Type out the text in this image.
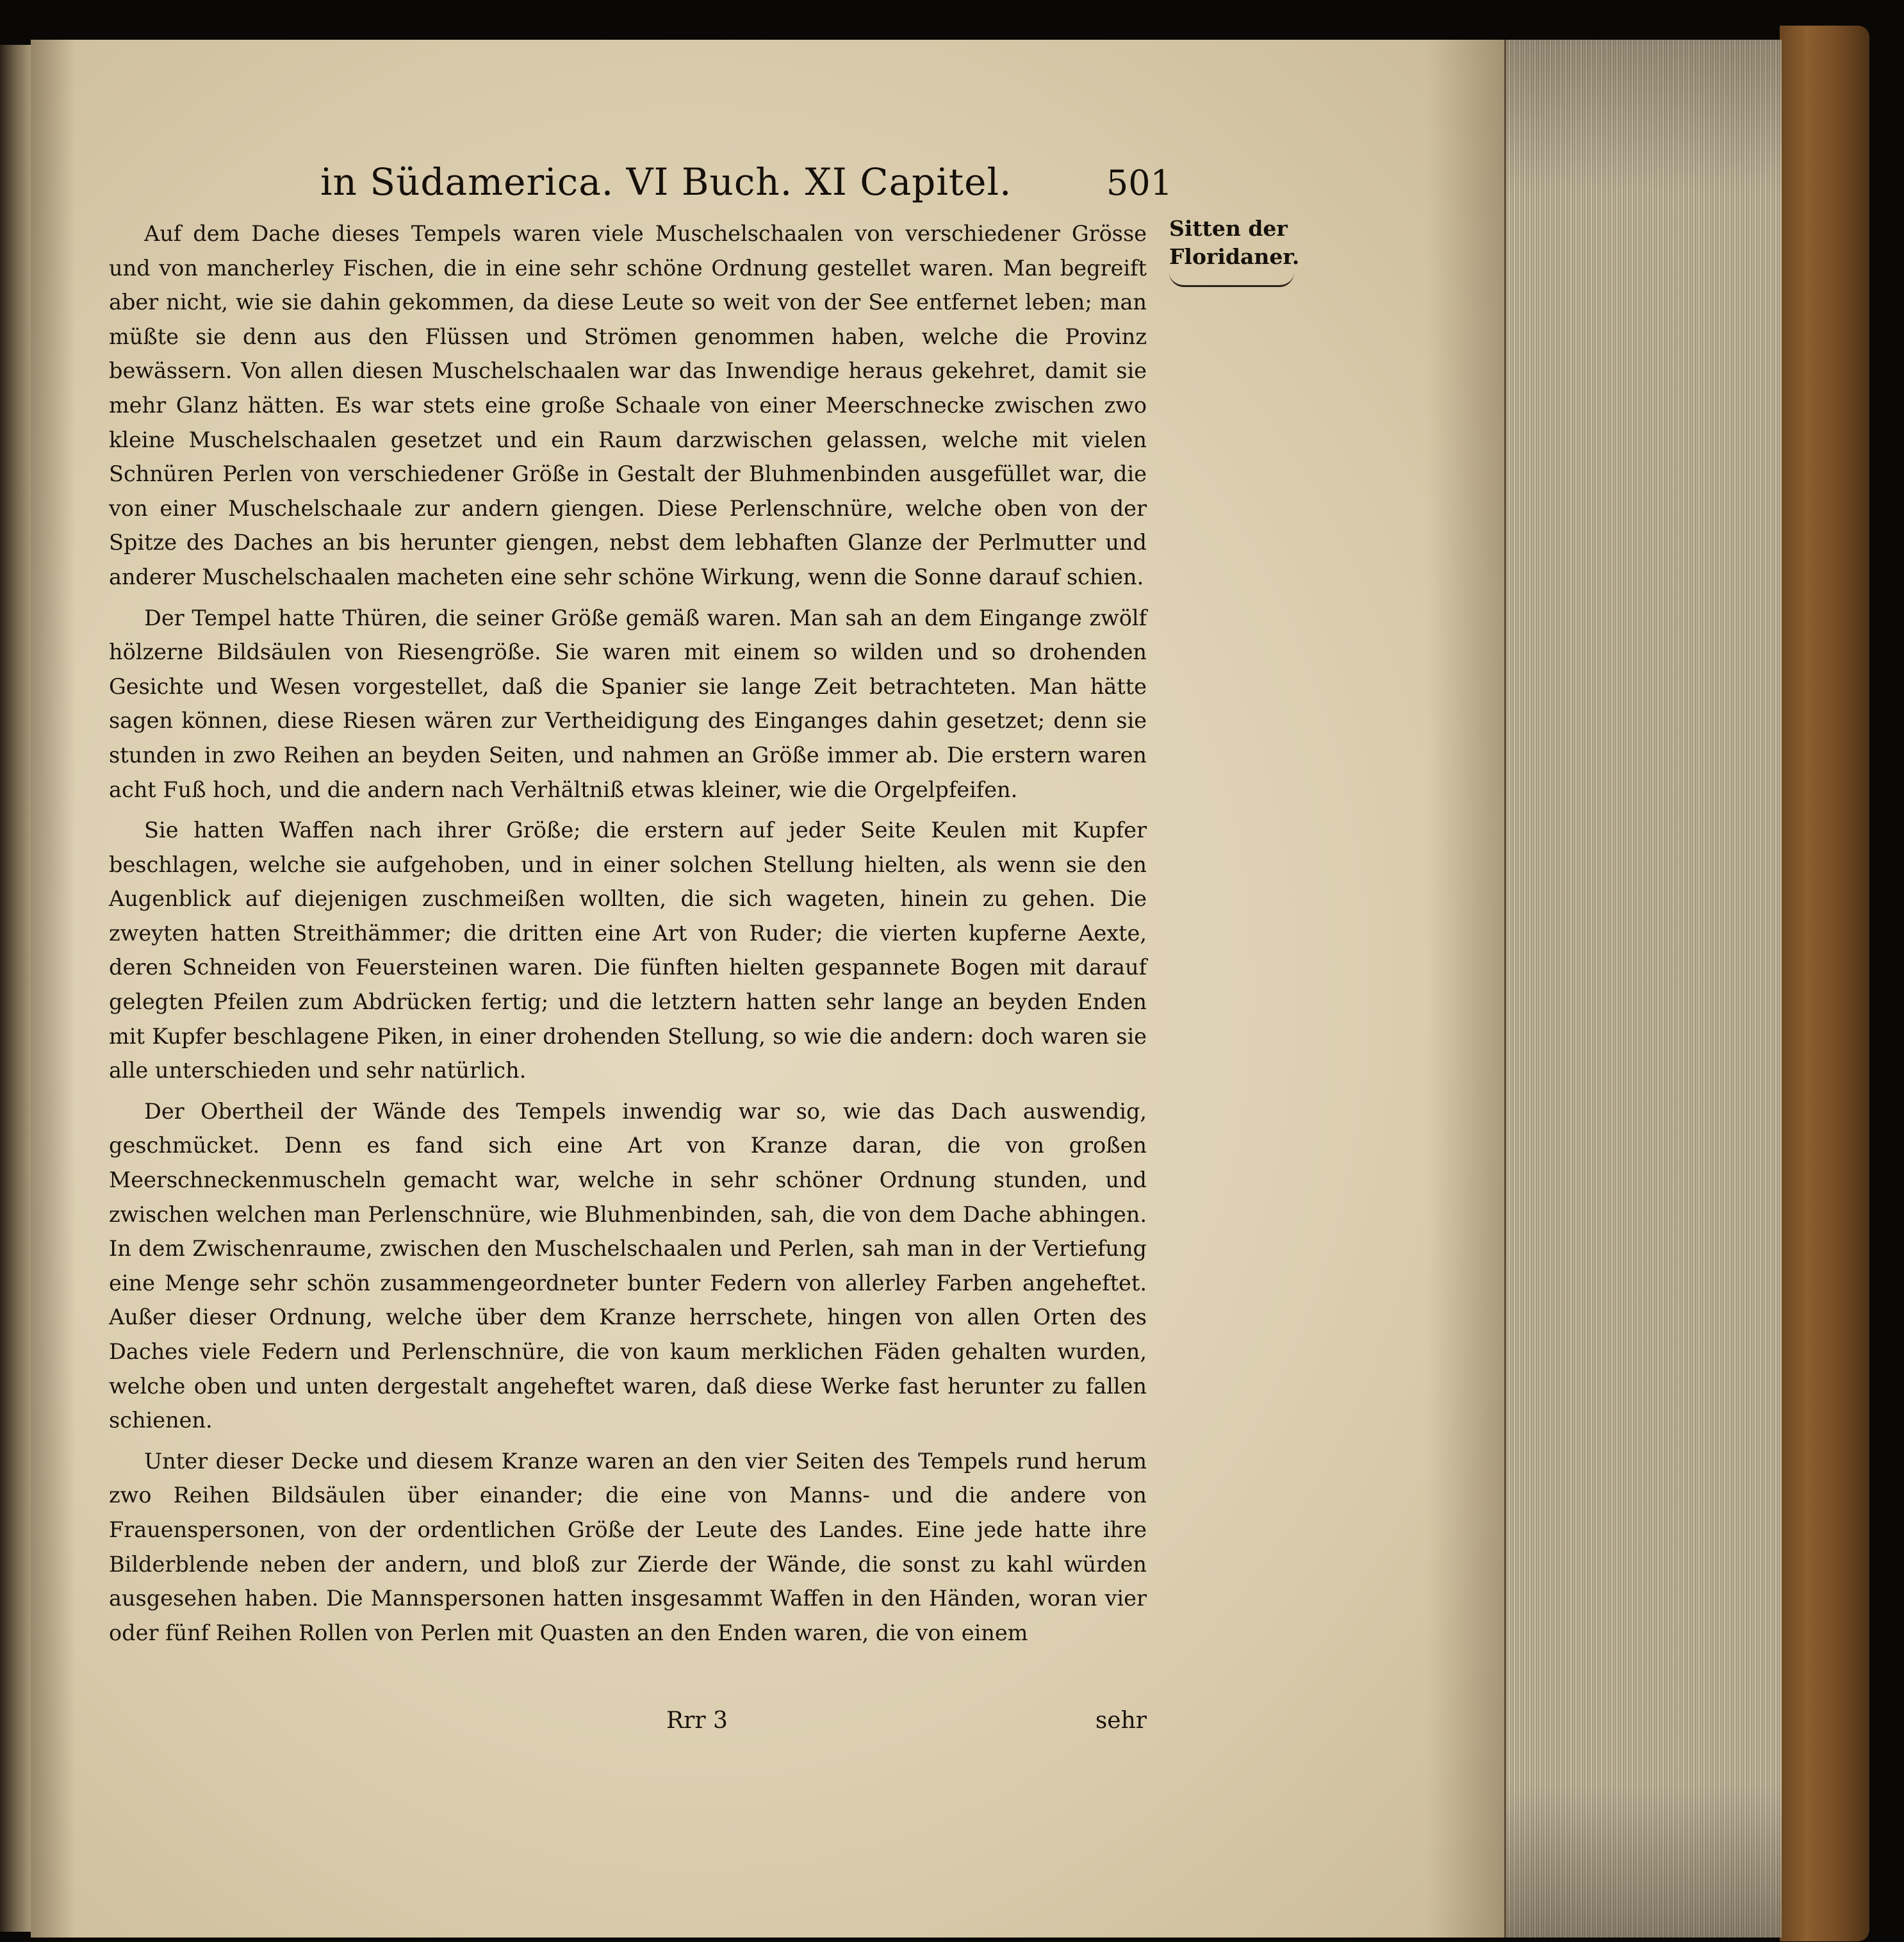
in Südamerica. VI Buch. XI Capitel.	501
Sitten der Floridaner.

Auf dem Dache dieses Tempels waren viele Muschelschaalen von verschiedener Grösse und von mancherley Fischen, die in eine sehr schöne Ordnung gestellet waren. Man begreift aber nicht, wie sie dahin gekommen, da diese Leute so weit von der See entfernet leben; man müßte sie denn aus den Flüssen und Strömen genommen haben, welche die Provinz bewässern. Von allen diesen Muschelschaalen war das Inwendige heraus gekehret, damit sie mehr Glanz hätten. Es war stets eine große Schaale von einer Meerschnecke zwischen zwo kleine Muschelschaalen gesetzet und ein Raum darzwischen gelassen, welche mit vielen Schnüren Perlen von verschiedener Größe in Gestalt der Bluhmenbinden ausgefüllet war, die von einer Muschelschaale zur andern giengen. Diese Perlenschnüre, welche oben von der Spitze des Daches an bis herunter giengen, nebst dem lebhaften Glanze der Perlmutter und anderer Muschelschaalen macheten eine sehr schöne Wirkung, wenn die Sonne darauf schien.

Der Tempel hatte Thüren, die seiner Größe gemäß waren. Man sah an dem Eingange zwölf hölzerne Bildsäulen von Riesengröße. Sie waren mit einem so wilden und so drohenden Gesichte und Wesen vorgestellet, daß die Spanier sie lange Zeit betrachteten. Man hätte sagen können, diese Riesen wären zur Vertheidigung des Einganges dahin gesetzet; denn sie stunden in zwo Reihen an beyden Seiten, und nahmen an Größe immer ab. Die erstern waren acht Fuß hoch, und die andern nach Verhältniß etwas kleiner, wie die Orgelpfeifen.

Sie hatten Waffen nach ihrer Größe; die erstern auf jeder Seite Keulen mit Kupfer beschlagen, welche sie aufgehoben, und in einer solchen Stellung hielten, als wenn sie den Augenblick auf diejenigen zuschmeißen wollten, die sich wageten, hinein zu gehen. Die zweyten hatten Streithämmer; die dritten eine Art von Ruder; die vierten kupferne Aexte, deren Schneiden von Feuersteinen waren. Die fünften hielten gespannete Bogen mit darauf gelegten Pfeilen zum Abdrücken fertig; und die letztern hatten sehr lange an beyden Enden mit Kupfer beschlagene Piken, in einer drohenden Stellung, so wie die andern: doch waren sie alle unterschieden und sehr natürlich.

Der Obertheil der Wände des Tempels inwendig war so, wie das Dach auswendig, geschmücket. Denn es fand sich eine Art von Kranze daran, die von großen Meerschneckenmuscheln gemacht war, welche in sehr schöner Ordnung stunden, und zwischen welchen man Perlenschnüre, wie Bluhmenbinden, sah, die von dem Dache abhingen. In dem Zwischenraume, zwischen den Muschelschaalen und Perlen, sah man in der Vertiefung eine Menge sehr schön zusammengeordneter bunter Federn von allerley Farben angeheftet. Außer dieser Ordnung, welche über dem Kranze herrschete, hingen von allen Orten des Daches viele Federn und Perlenschnüre, die von kaum merklichen Fäden gehalten wurden, welche oben und unten dergestalt angeheftet waren, daß diese Werke fast herunter zu fallen schienen.

Unter dieser Decke und diesem Kranze waren an den vier Seiten des Tempels rund herum zwo Reihen Bildsäulen über einander; die eine von Manns- und die andere von Frauenspersonen, von der ordentlichen Größe der Leute des Landes. Eine jede hatte ihre Bilderblende neben der andern, und bloß zur Zierde der Wände, die sonst zu kahl würden ausgesehen haben. Die Mannspersonen hatten insgesammt Waffen in den Händen, woran vier oder fünf Reihen Rollen von Perlen mit Quasten an den Enden waren, die von einem

Rrr 3	sehr
